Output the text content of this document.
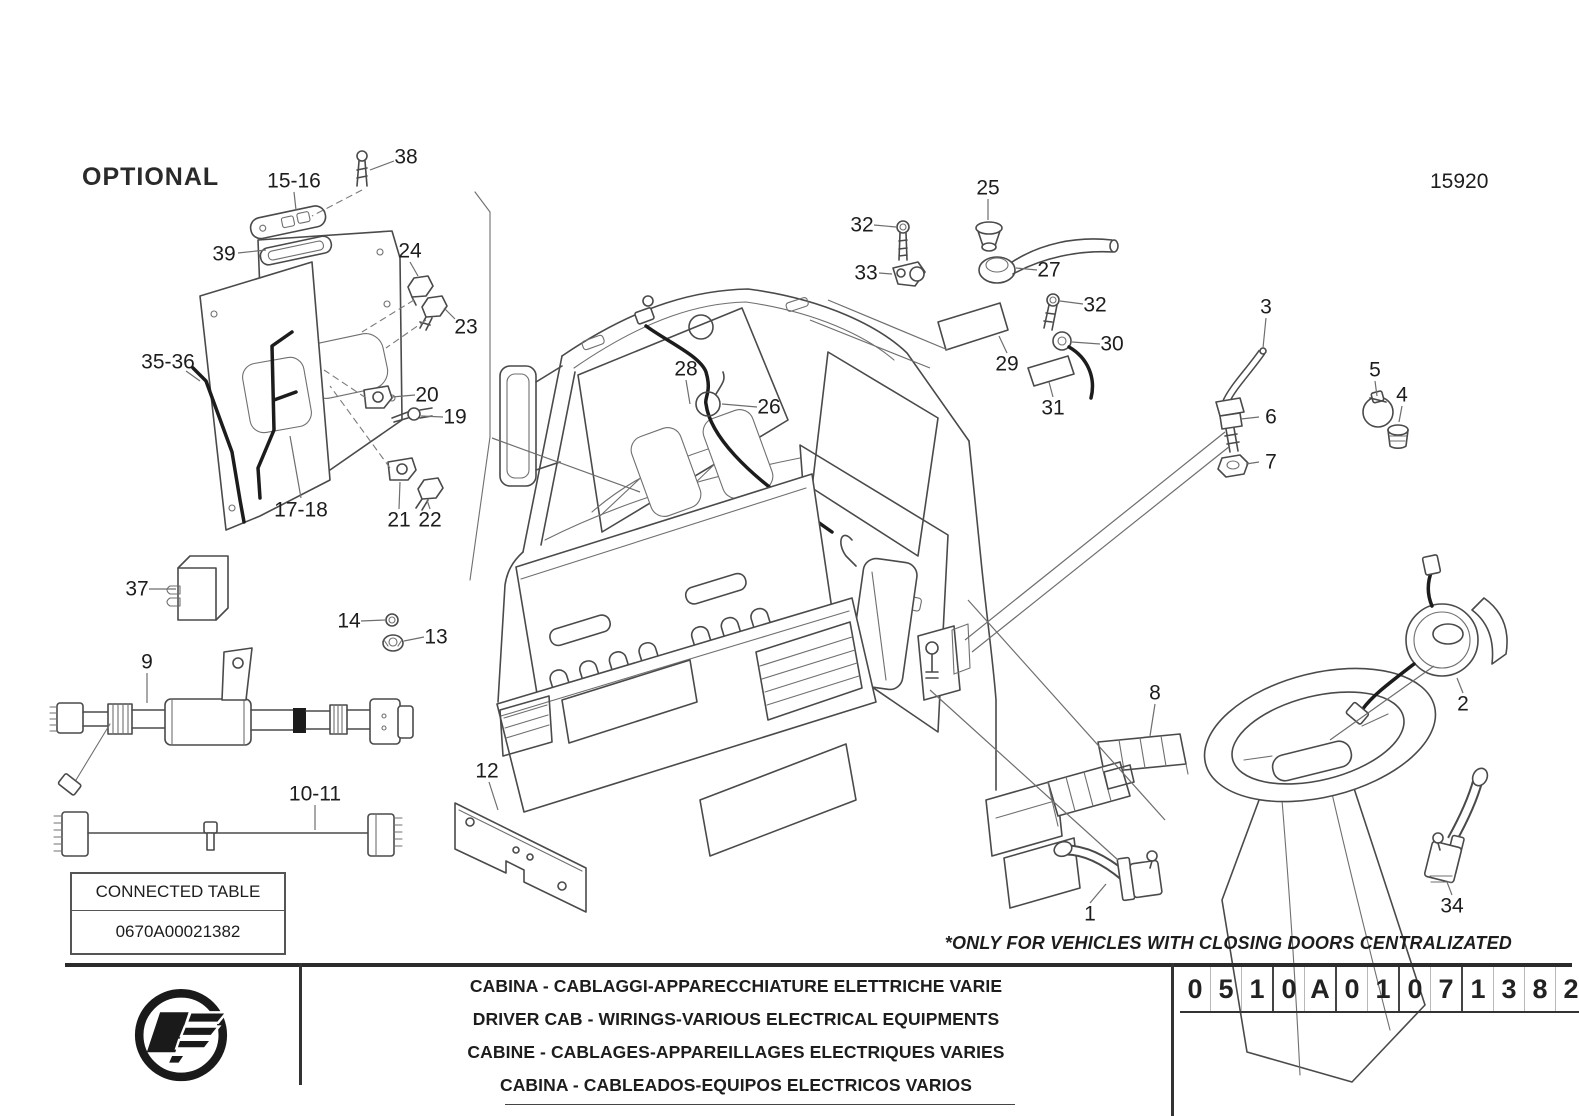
OPTIONAL	15920
38
15-16
39	24
23
35-36
20
19
17-18	21 22
37
14
13
9
10-11
12
32
33
25
27
32
30
29
31
28
26
3
5
4
6
7
8	2
1	34
*ONLY FOR VEHICLES WITH CLOSING DOORS CENTRALIZATED
CONNECTED TABLE
0670A00021382
CABINA - CABLAGGI-APPARECCHIATURE ELETTRICHE VARIE
DRIVER CAB - WIRINGS-VARIOUS ELECTRICAL EQUIPMENTS
CABINE - CABLAGES-APPAREILLAGES ELECTRIQUES VARIES
CABINA - CABLEADOS-EQUIPOS ELECTRICOS VARIOS
0 5 1 0 A 0 1 0 7 1 3 8 2
